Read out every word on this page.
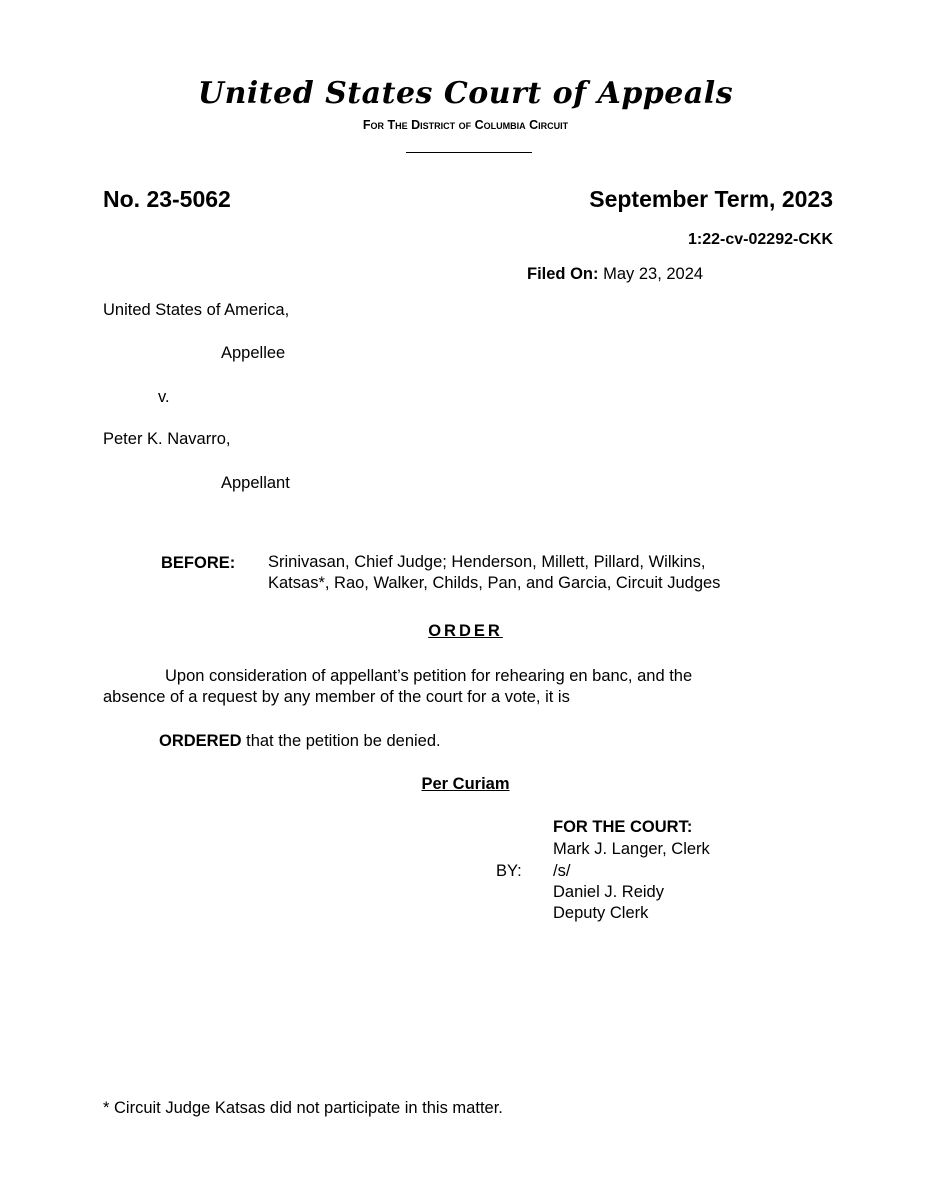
United States Court of Appeals
For The District of Columbia Circuit
No. 23-5062	September Term, 2023
1:22-cv-02292-CKK
Filed On: May 23, 2024
United States of America,
Appellee
v.
Peter K. Navarro,
Appellant
BEFORE: Srinivasan, Chief Judge; Henderson, Millett, Pillard, Wilkins,
Katsas*, Rao, Walker, Childs, Pan, and Garcia, Circuit Judges
ORDER
Upon consideration of appellant’s petition for rehearing en banc, and the
absence of a request by any member of the court for a vote, it is
ORDERED that the petition be denied.
Per Curiam
FOR THE COURT:
Mark J. Langer, Clerk
BY: /s/
Daniel J. Reidy
Deputy Clerk
* Circuit Judge Katsas did not participate in this matter.
